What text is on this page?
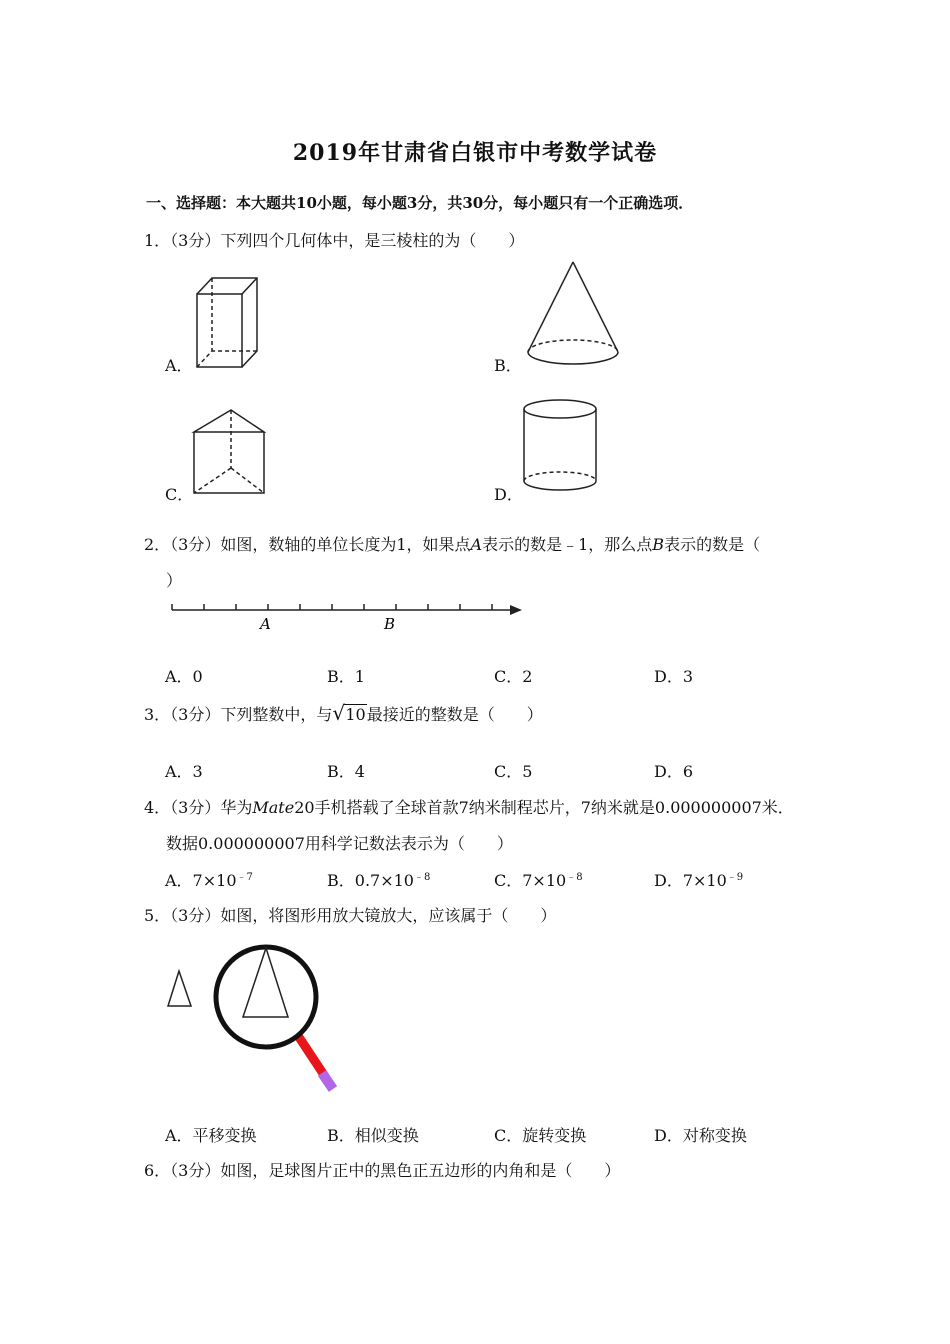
2019年甘肃省白银市中考数学试卷
一、选择题：本大题共10小题，每小题3分，共30分，每小题只有一个正确选项．
1．（3分）下列四个几何体中，是三棱柱的为（　　）
A．	B．
C．	D．
2．（3分）如图，数轴的单位长度为1，如果点A表示的数是﹣1，那么点B表示的数是（
）
A	B
A．0	B．1	C．2	D．3
3．（3分）下列整数中，与 √ 10最接近的整数是（　　）
A．3	B．4	C．5	D．6
4．（3分）华为Mate20手机搭载了全球首款7纳米制程芯片，7纳米就是0.000000007米．
数据0.000000007用科学记数法表示为（　　）
A．$7\times 10^{﹣7}$	B．$0.7\times 10^{﹣8}$	C．$7\times 10^{﹣8}$	D．$7\times 10^{﹣9}$
5．（3分）如图，将图形用放大镜放大，应该属于（　　）
A．平移变换	B．相似变换	C．旋转变换	D．对称变换
6．（3分）如图，足球图片正中的黑色正五边形的内角和是（　　）
